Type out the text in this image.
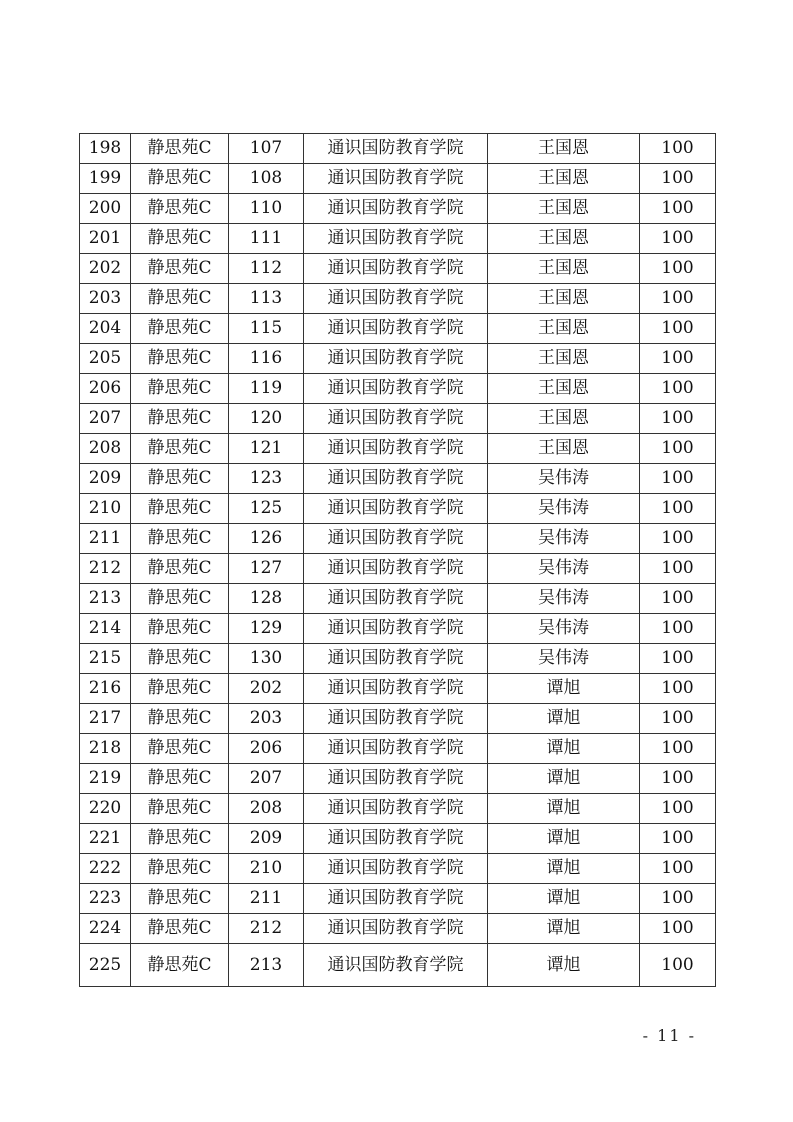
198	静思苑C	107	通识国防教育学院	王国恩	100
199	静思苑C	108	通识国防教育学院	王国恩	100
200	静思苑C	110	通识国防教育学院	王国恩	100
201	静思苑C	111	通识国防教育学院	王国恩	100
202	静思苑C	112	通识国防教育学院	王国恩	100
203	静思苑C	113	通识国防教育学院	王国恩	100
204	静思苑C	115	通识国防教育学院	王国恩	100
205	静思苑C	116	通识国防教育学院	王国恩	100
206	静思苑C	119	通识国防教育学院	王国恩	100
207	静思苑C	120	通识国防教育学院	王国恩	100
208	静思苑C	121	通识国防教育学院	王国恩	100
209	静思苑C	123	通识国防教育学院	吴伟涛	100
210	静思苑C	125	通识国防教育学院	吴伟涛	100
211	静思苑C	126	通识国防教育学院	吴伟涛	100
212	静思苑C	127	通识国防教育学院	吴伟涛	100
213	静思苑C	128	通识国防教育学院	吴伟涛	100
214	静思苑C	129	通识国防教育学院	吴伟涛	100
215	静思苑C	130	通识国防教育学院	吴伟涛	100
216	静思苑C	202	通识国防教育学院	谭旭	100
217	静思苑C	203	通识国防教育学院	谭旭	100
218	静思苑C	206	通识国防教育学院	谭旭	100
219	静思苑C	207	通识国防教育学院	谭旭	100
220	静思苑C	208	通识国防教育学院	谭旭	100
221	静思苑C	209	通识国防教育学院	谭旭	100
222	静思苑C	210	通识国防教育学院	谭旭	100
223	静思苑C	211	通识国防教育学院	谭旭	100
224	静思苑C	212	通识国防教育学院	谭旭	100
225	静思苑C	213	通识国防教育学院	谭旭	100
- 11 -
